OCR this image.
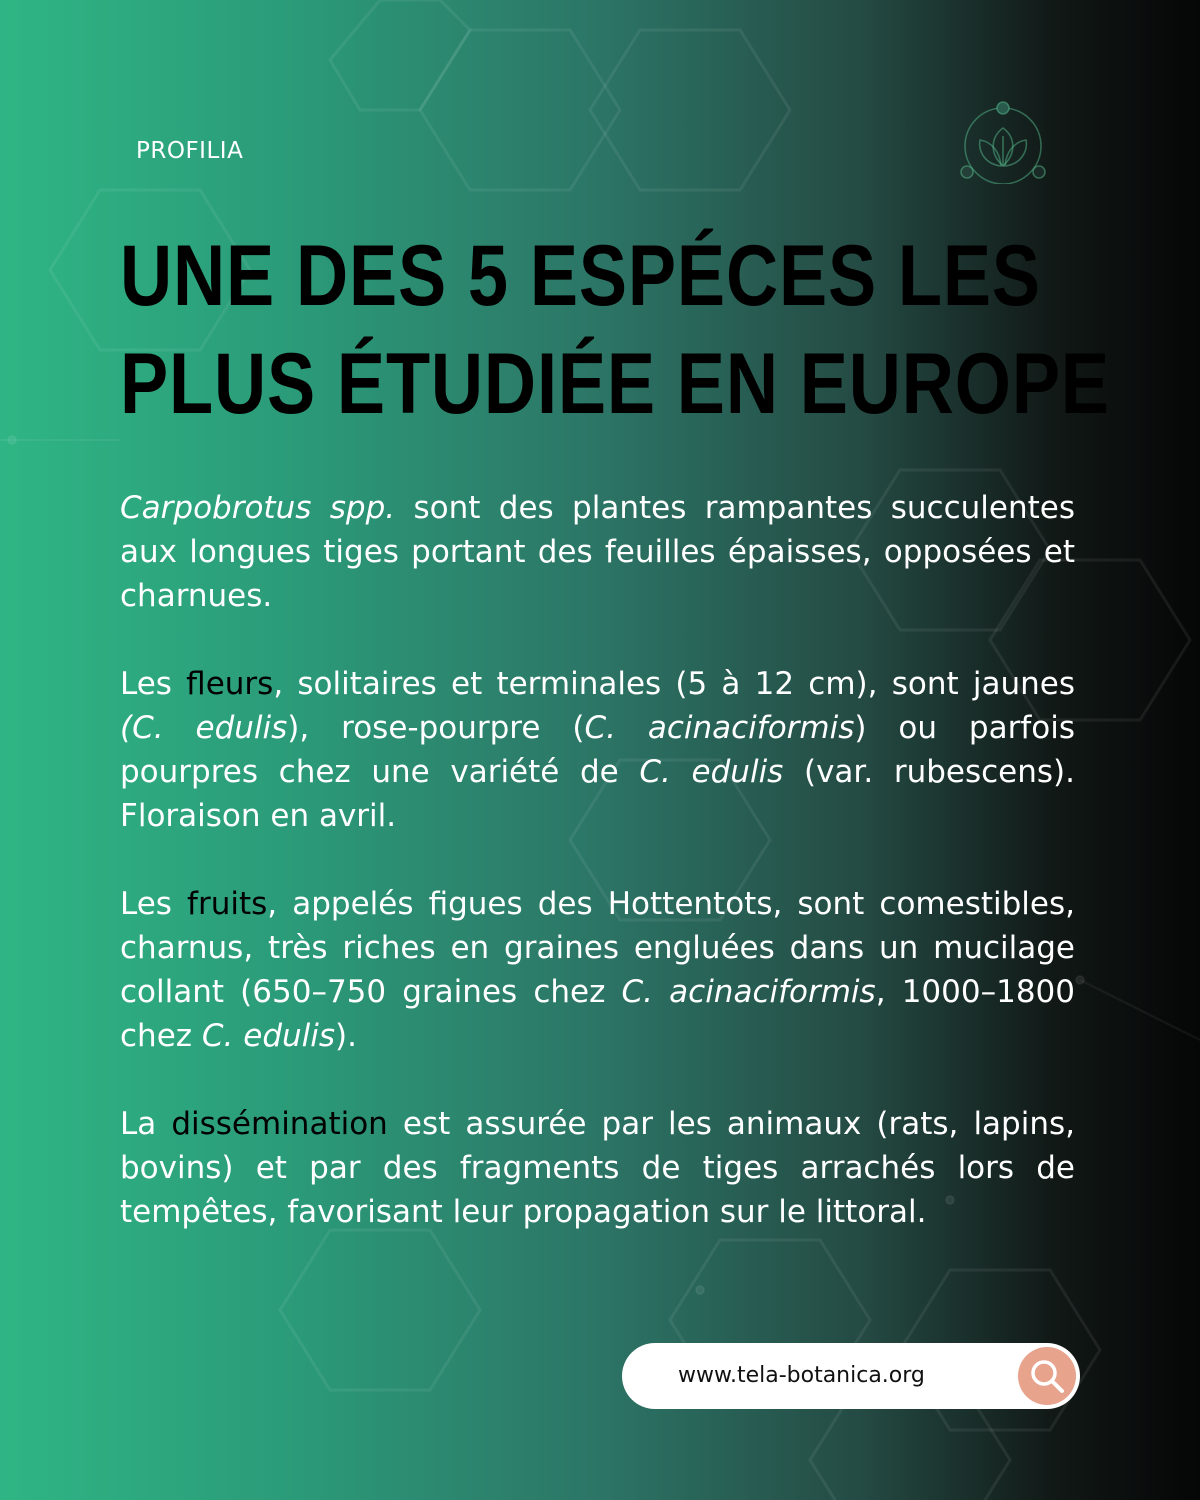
PROFILIA
UNE DES 5 ESPÉCES LES
PLUS ÉTUDIÉE EN EUROPE

Carpobrotus spp. sont des plantes rampantes succulentes aux longues tiges portant des feuilles épaisses, opposées et charnues.

Les fleurs, solitaires et terminales (5 à 12 cm), sont jaunes (C. edulis), rose-pourpre (C. acinaciformis) ou parfois pourpres chez une variété de C. edulis (var. rubescens). Floraison en avril.

Les fruits, appelés figues des Hottentots, sont comestibles, charnus, très riches en graines engluées dans un mucilage collant (650–750 graines chez C. acinaciformis, 1000–1800 chez C. edulis).

La dissémination est assurée par les animaux (rats, lapins, bovins) et par des fragments de tiges arrachés lors de tempêtes, favorisant leur propagation sur le littoral.

www.tela-botanica.org
